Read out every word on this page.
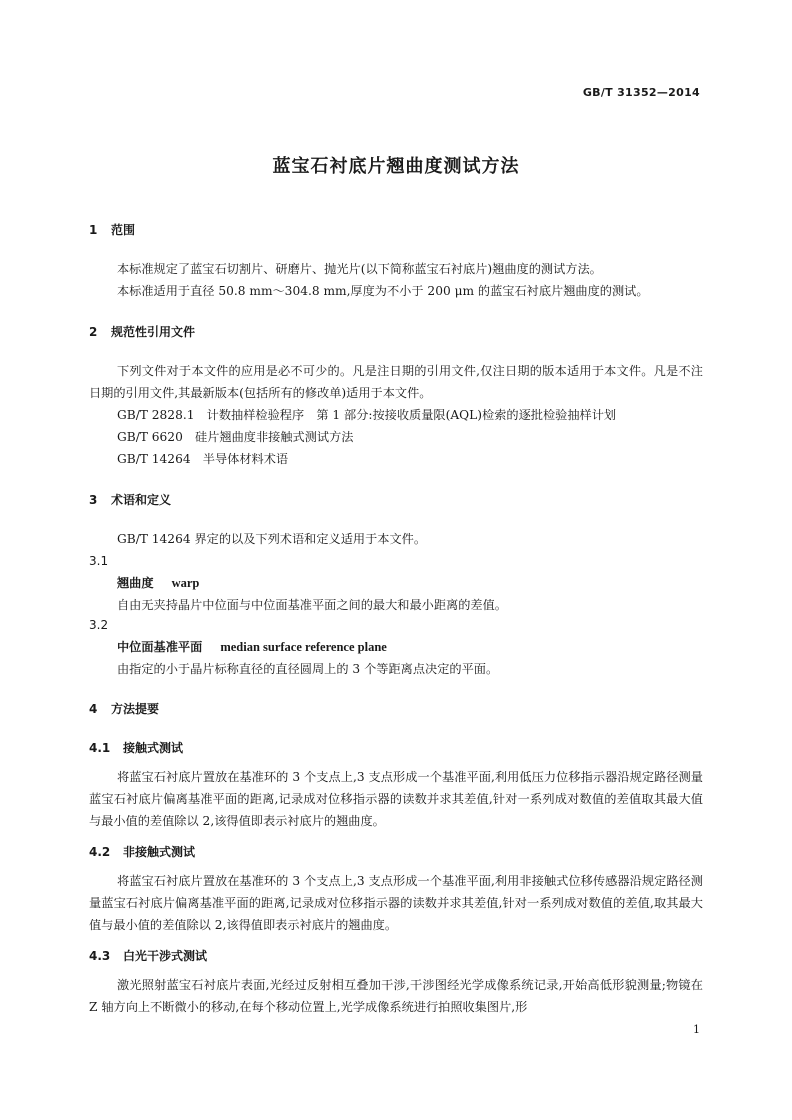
GB/T 31352—2014
蓝宝石衬底片翘曲度测试方法
1 范围
本标准规定了蓝宝石切割片、研磨片、抛光片(以下简称蓝宝石衬底片)翘曲度的测试方法。
本标准适用于直径 50.8 mm～304.8 mm,厚度为不小于 200 μm 的蓝宝石衬底片翘曲度的测试。
2 规范性引用文件
下列文件对于本文件的应用是必不可少的。凡是注日期的引用文件,仅注日期的版本适用于本文件。凡是不注日期的引用文件,其最新版本(包括所有的修改单)适用于本文件。
GB/T 2828.1　计数抽样检验程序　第 1 部分:按接收质量限(AQL)检索的逐批检验抽样计划
GB/T 6620　硅片翘曲度非接触式测试方法
GB/T 14264　半导体材料术语
3 术语和定义
GB/T 14264 界定的以及下列术语和定义适用于本文件。
3.1
翘曲度 warp
自由无夹持晶片中位面与中位面基准平面之间的最大和最小距离的差值。
3.2
中位面基准平面 median surface reference plane
由指定的小于晶片标称直径的直径圆周上的 3 个等距离点决定的平面。
4 方法提要
4.1 接触式测试
将蓝宝石衬底片置放在基准环的 3 个支点上,3 支点形成一个基准平面,利用低压力位移指示器沿规定路径测量蓝宝石衬底片偏离基准平面的距离,记录成对位移指示器的读数并求其差值,针对一系列成对数值的差值取其最大值与最小值的差值除以 2,该得值即表示衬底片的翘曲度。
4.2 非接触式测试
将蓝宝石衬底片置放在基准环的 3 个支点上,3 支点形成一个基准平面,利用非接触式位移传感器沿规定路径测量蓝宝石衬底片偏离基准平面的距离,记录成对位移指示器的读数并求其差值,针对一系列成对数值的差值,取其最大值与最小值的差值除以 2,该得值即表示衬底片的翘曲度。
4.3 白光干涉式测试
激光照射蓝宝石衬底片表面,光经过反射相互叠加干涉,干涉图经光学成像系统记录,开始高低形貌测量;物镜在 Z 轴方向上不断微小的移动,在每个移动位置上,光学成像系统进行拍照收集图片,形
1
